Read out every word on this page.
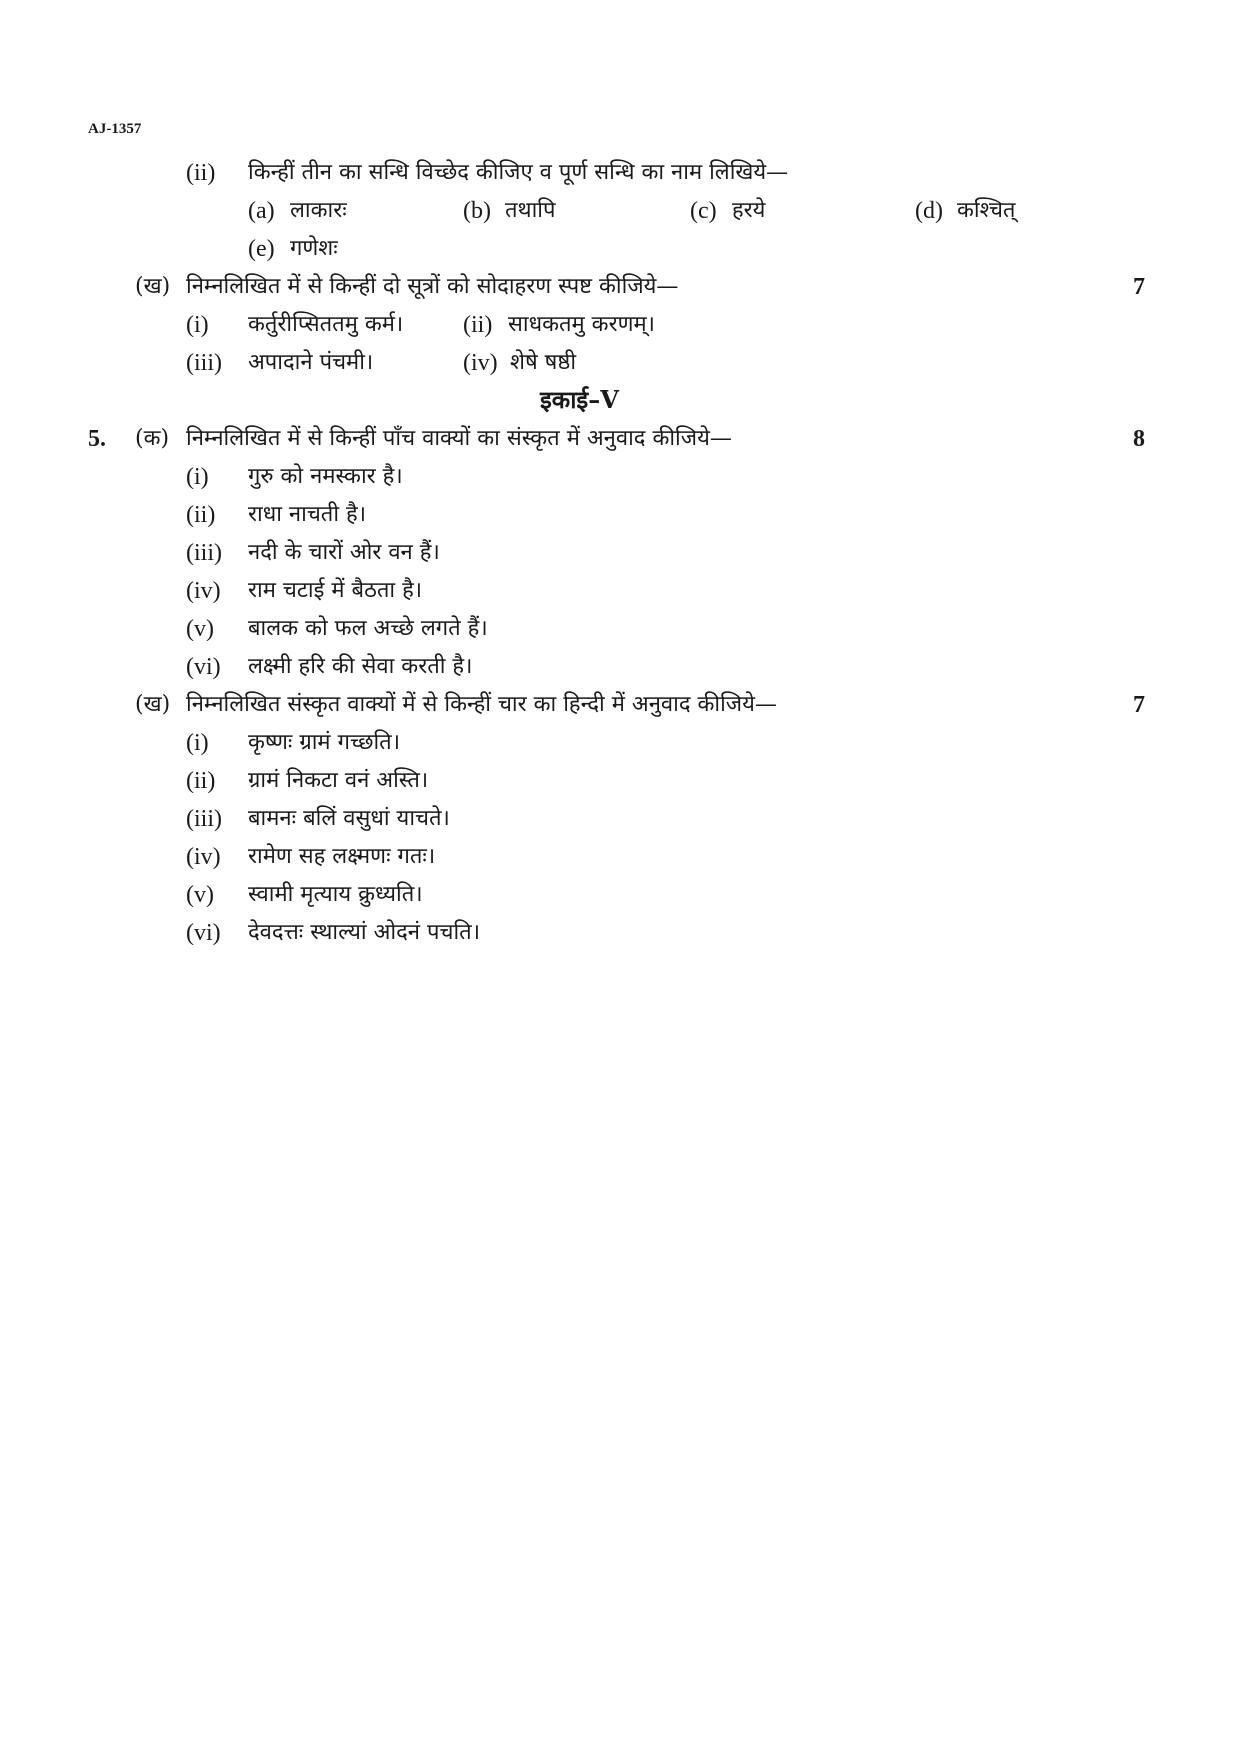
AJ-1357
(ii) किन्हीं तीन का सन्धि विच्छेद कीजिए व पूर्ण सन्धि का नाम लिखिये—
(a) लाकारः	(b) तथापि	(c) हरये	(d) कश्चित्
(e) गणेशः
(ख) निम्नलिखित में से किन्हीं दो सूत्रों को सोदाहरण स्पष्ट कीजिये—	7
(i) कर्तुरीप्सिततमु कर्म। (ii) साधकतमु करणम्।
(iii) अपादाने पंचमी।	(iv) शेषे षष्ठी
इकाई–V
5. (क) निम्नलिखित में से किन्हीं पाँच वाक्यों का संस्कृत में अनुवाद कीजिये—	8
(i) गुरु को नमस्कार है।
(ii) राधा नाचती है।
(iii) नदी के चारों ओर वन हैं।
(iv) राम चटाई में बैठता है।
(v) बालक को फल अच्छे लगते हैं।
(vi) लक्ष्मी हरि की सेवा करती है।
(ख) निम्नलिखित संस्कृत वाक्यों में से किन्हीं चार का हिन्दी में अनुवाद कीजिये—	7
(i) कृष्णः ग्रामं गच्छति।
(ii) ग्रामं निकटा वनं अस्ति।
(iii) बामनः बलिं वसुधां याचते।
(iv) रामेण सह लक्ष्मणः गतः।
(v) स्वामी मृत्याय क्रुध्यति।
(vi) देवदत्तः स्थाल्यां ओदनं पचति।
